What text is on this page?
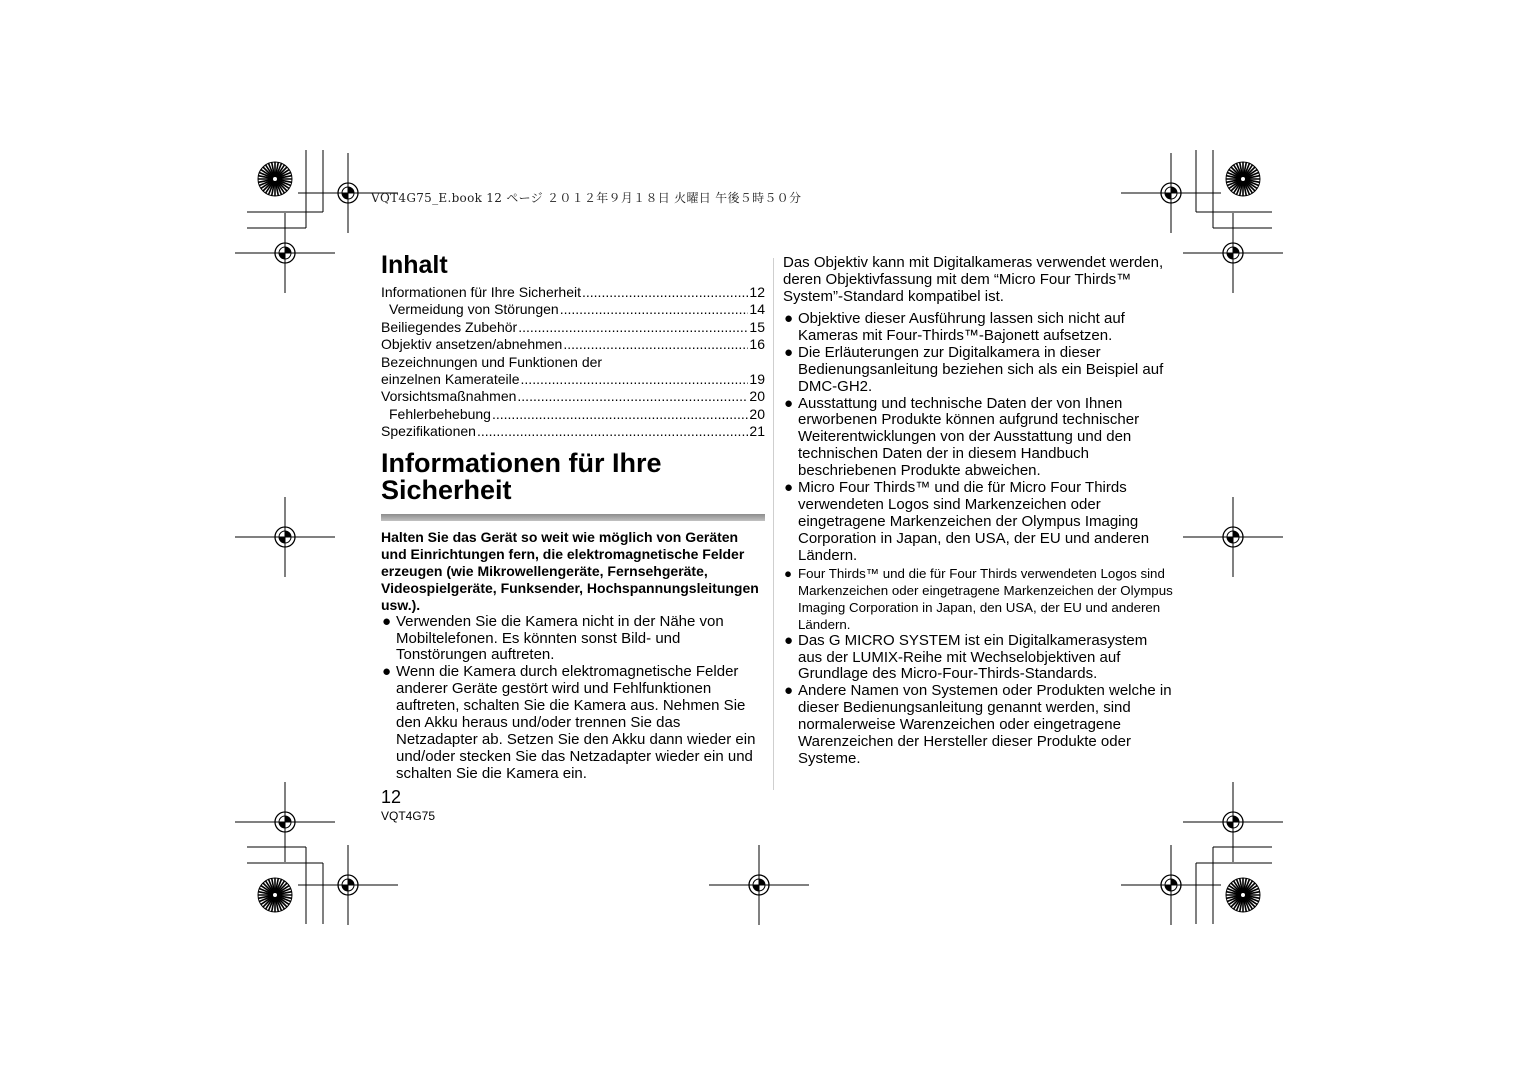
VQT4G75_E.book 12 ページ ２０１２年９月１８日 火曜日 午後５時５０分
Inhalt
Informationen für Ihre Sicherheit .....	12
Vermeidung von Störungen .....	14
Beiliegendes Zubehör .....	15
Objektiv ansetzen/abnehmen .....	16
Bezeichnungen und Funktionen der
einzelnen Kamerateile .....	19
Vorsichtsmaßnahmen .....	20
Fehlerbehebung .....	20
Spezifikationen .....	21
Informationen für Ihre
Sicherheit

Halten Sie das Gerät so weit wie möglich von Geräten und Einrichtungen fern, die elektromagnetische Felder erzeugen (wie Mikrowellengeräte, Fernsehgeräte, Videospielgeräte, Funksender, Hochspannungsleitungen usw.).

● Verwenden Sie die Kamera nicht in der Nähe von Mobiltelefonen. Es könnten sonst Bild- und Tonstörungen auftreten.
● Wenn die Kamera durch elektromagnetische Felder anderer Geräte gestört wird und Fehlfunktionen auftreten, schalten Sie die Kamera aus. Nehmen Sie den Akku heraus und/oder trennen Sie das Netzadapter ab. Setzen Sie den Akku dann wieder ein und/oder stecken Sie das Netzadapter wieder ein und schalten Sie die Kamera ein.

Das Objektiv kann mit Digitalkameras verwendet werden, deren Objektivfassung mit dem “Micro Four Thirds™ System”-Standard kompatibel ist.

● Objektive dieser Ausführung lassen sich nicht auf Kameras mit Four-Thirds™-Bajonett aufsetzen.
● Die Erläuterungen zur Digitalkamera in dieser Bedienungsanleitung beziehen sich als ein Beispiel auf DMC-GH2.
● Ausstattung und technische Daten der von Ihnen erworbenen Produkte können aufgrund technischer Weiterentwicklungen von der Ausstattung und den technischen Daten der in diesem Handbuch beschriebenen Produkte abweichen.
● Micro Four Thirds™ und die für Micro Four Thirds verwendeten Logos sind Markenzeichen oder eingetragene Markenzeichen der Olympus Imaging Corporation in Japan, den USA, der EU und anderen Ländern.
● Four Thirds™ und die für Four Thirds verwendeten Logos sind Markenzeichen oder eingetragene Markenzeichen der Olympus Imaging Corporation in Japan, den USA, der EU und anderen Ländern.
● Das G MICRO SYSTEM ist ein Digitalkamerasystem aus der LUMIX-Reihe mit Wechselobjektiven auf Grundlage des Micro-Four-Thirds-Standards.
● Andere Namen von Systemen oder Produkten welche in dieser Bedienungsanleitung genannt werden, sind normalerweise Warenzeichen oder eingetragene Warenzeichen der Hersteller dieser Produkte oder Systeme.
12
VQT4G75
